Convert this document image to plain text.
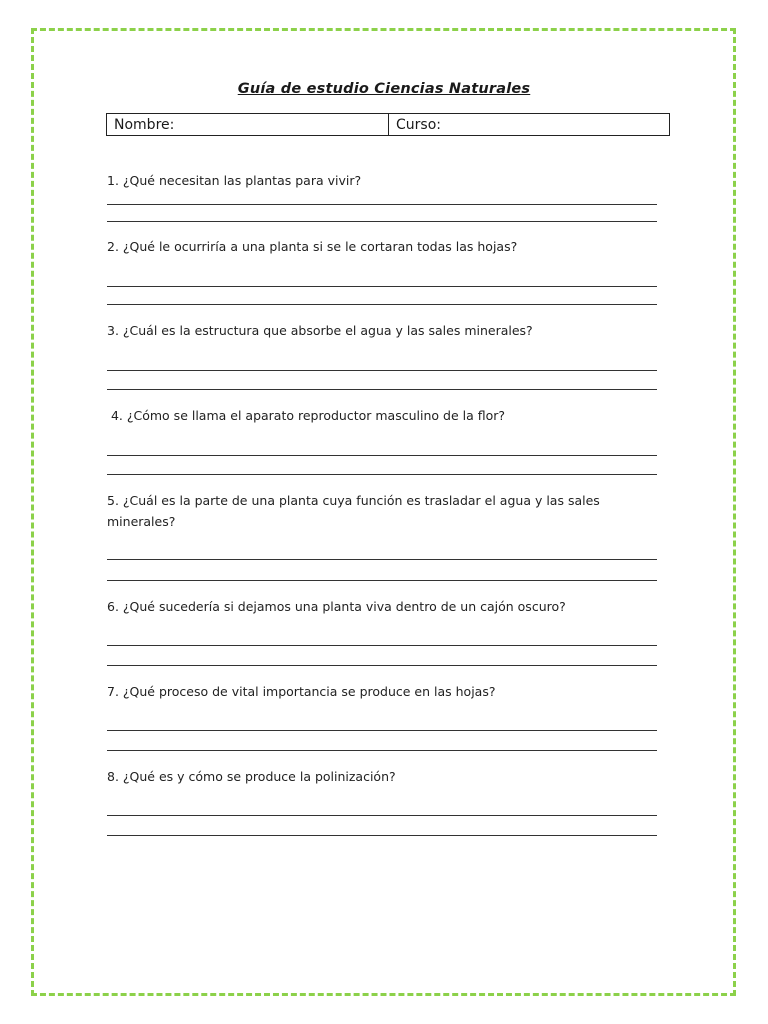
Guía de estudio Ciencias Naturales
Nombre:	Curso:
1. ¿Qué necesitan las plantas para vivir?
2. ¿Qué le ocurriría a una planta si se le cortaran todas las hojas?
3. ¿Cuál es la estructura que absorbe el agua y las sales minerales?
4. ¿Cómo se llama el aparato reproductor masculino de la flor?
5. ¿Cuál es la parte de una planta cuya función es trasladar el agua y las sales minerales?
6. ¿Qué sucedería si dejamos una planta viva dentro de un cajón oscuro?
7. ¿Qué proceso de vital importancia se produce en las hojas?
8. ¿Qué es y cómo se produce la polinización?
